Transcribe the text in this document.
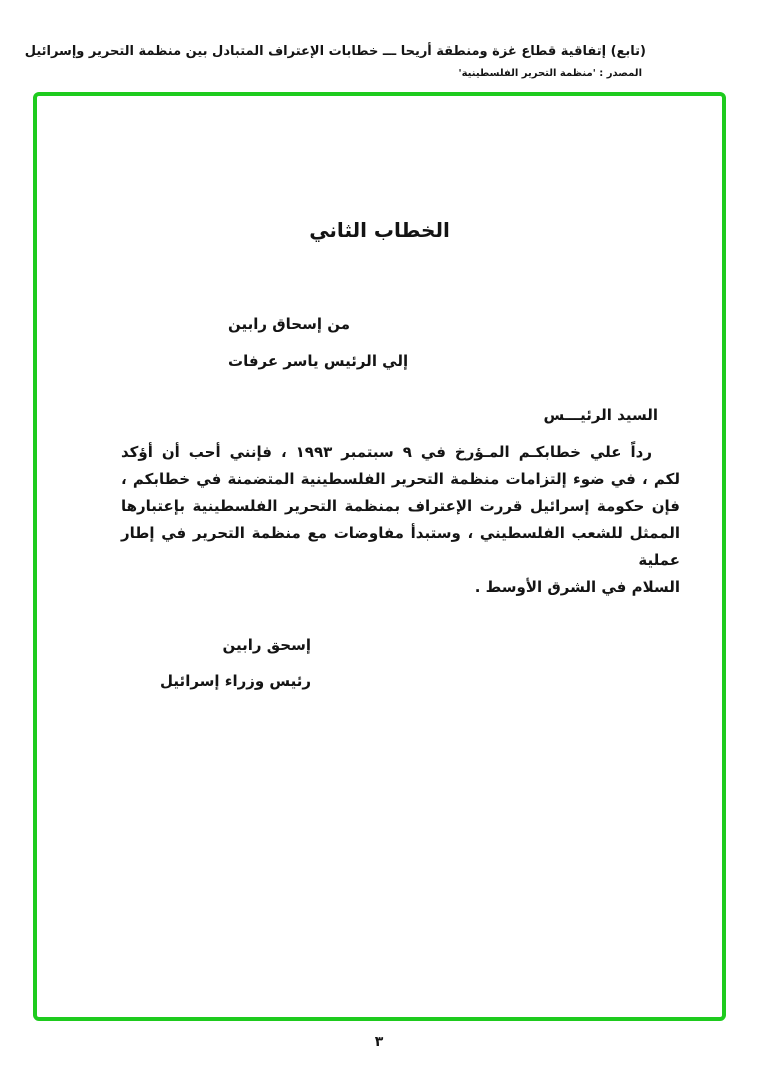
(تابع) إتفاقية قطاع غزة ومنطقة أريحا ـــ خطابات الإعتراف المتبادل بين منظمة التحرير وإسرائيل
المصدر : 'منظمة التحرير الفلسطينية'
الخطاب الثاني
من إسحاق رابين
إلي الرئيس ياسر عرفات
السيد الرئيـــس
رداً علي خطابكـم المـؤرخ في ٩ سبتمبر ١٩٩٣ ، فإنني أحب أن أؤكد
لكم ، في ضوء إلتزامات منظمة التحرير الفلسطينية المتضمنة في خطابكم ،
فإن حكومة إسرائيل قررت الإعتراف بمنظمة التحرير الفلسطينية بإعتبارها
الممثل للشعب الفلسطيني ، وستبدأ مفاوضات مع منظمة التحرير في إطار عملية
السلام في الشرق الأوسط .
إسحق رابين
رئيس وزراء إسرائيل
٣
